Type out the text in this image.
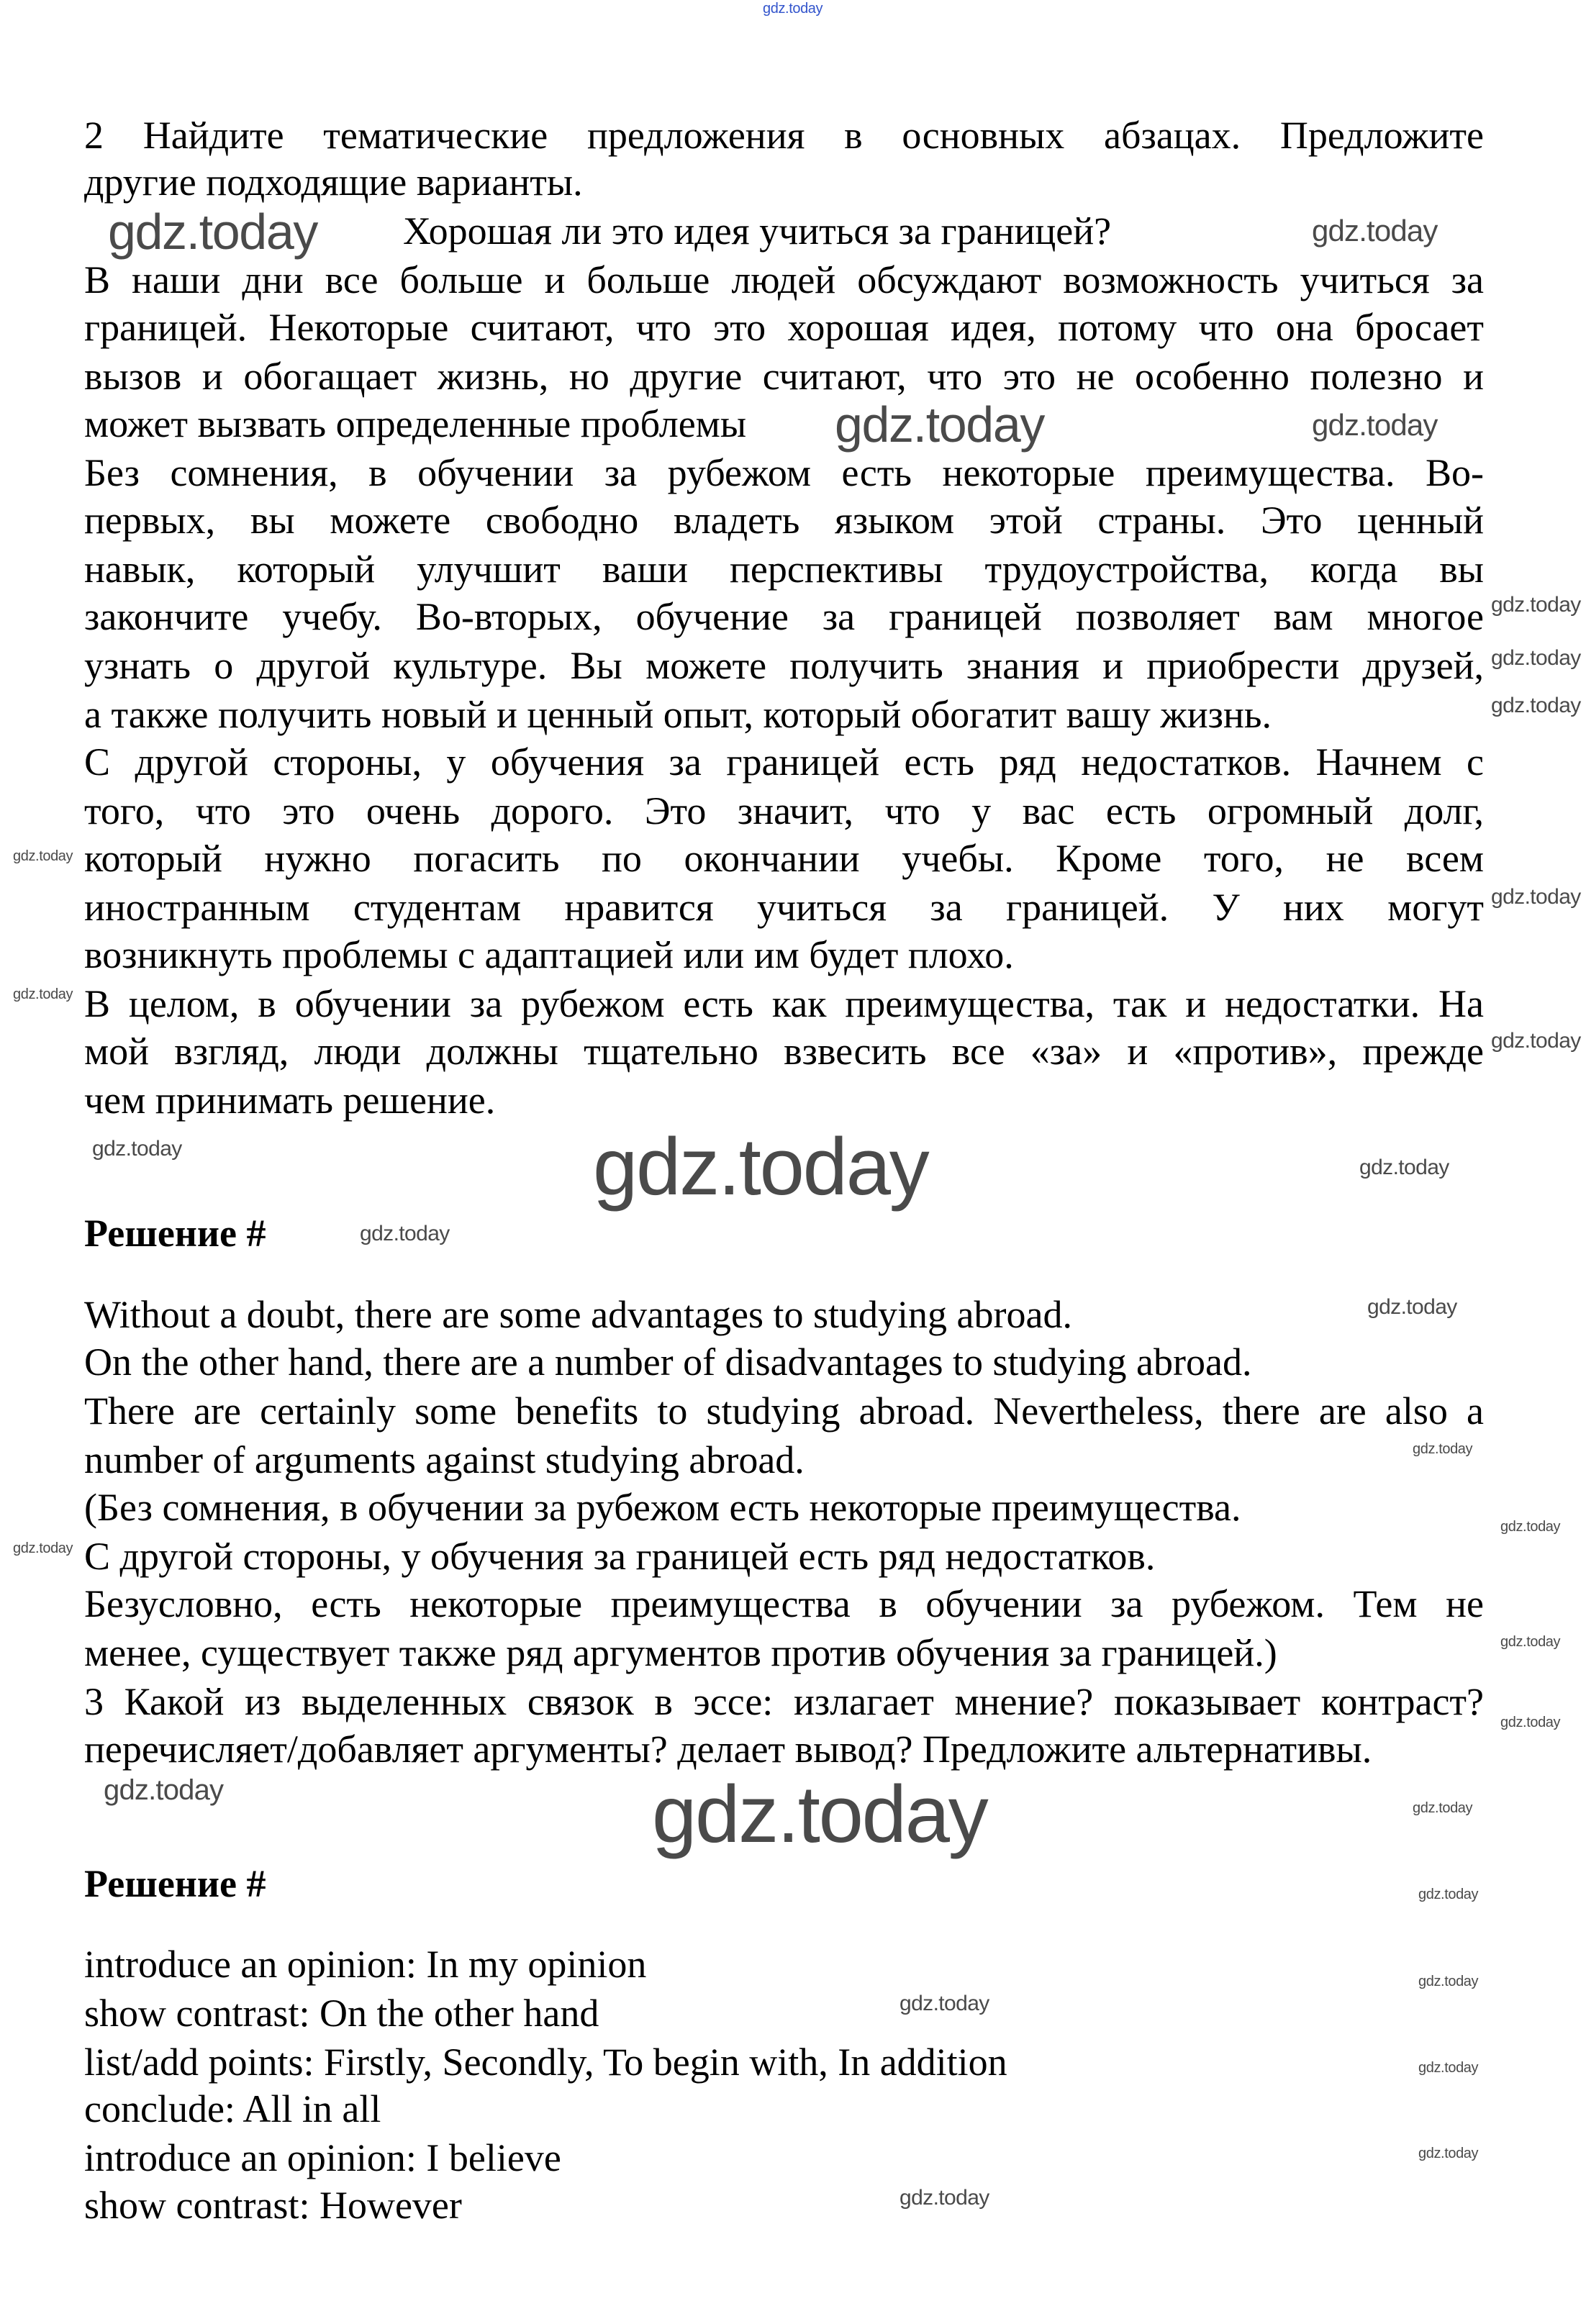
2 Найдите тематические предложения в основных абзацах. Предложите
другие подходящие варианты.
Хорошая ли это идея учиться за границей?
В наши дни все больше и больше людей обсуждают возможность учиться за
границей. Некоторые считают, что это хорошая идея, потому что она бросает
вызов и обогащает жизнь, но другие считают, что это не особенно полезно и
может вызвать определенные проблемы
Без сомнения, в обучении за рубежом есть некоторые преимущества. Во-
первых, вы можете свободно владеть языком этой страны. Это ценный
навык, который улучшит ваши перспективы трудоустройства, когда вы
закончите учебу. Во-вторых, обучение за границей позволяет вам многое
узнать о другой культуре. Вы можете получить знания и приобрести друзей,
а также получить новый и ценный опыт, который обогатит вашу жизнь.
С другой стороны, у обучения за границей есть ряд недостатков. Начнем с
того, что это очень дорого. Это значит, что у вас есть огромный долг,
который нужно погасить по окончании учебы. Кроме того, не всем
иностранным студентам нравится учиться за границей. У них могут
возникнуть проблемы с адаптацией или им будет плохо.
В целом, в обучении за рубежом есть как преимущества, так и недостатки. На
мой взгляд, люди должны тщательно взвесить все «за» и «против», прежде
чем принимать решение.
Решение #
Without a doubt, there are some advantages to studying abroad.
On the other hand, there are a number of disadvantages to studying abroad.
There are certainly some benefits to studying abroad. Nevertheless, there are also a
number of arguments against studying abroad.
(Без сомнения, в обучении за рубежом есть некоторые преимущества.
С другой стороны, у обучения за границей есть ряд недостатков.
Безусловно, есть некоторые преимущества в обучении за рубежом. Тем не
менее, существует также ряд аргументов против обучения за границей.)
3 Какой из выделенных связок в эссе: излагает мнение? показывает контраст?
перечисляет/добавляет аргументы? делает вывод? Предложите альтернативы.
Решение #
introduce an opinion: In my opinion
show contrast: On the other hand
list/add points: Firstly, Secondly, To begin with, In addition
conclude: All in all
introduce an opinion: I believe
show contrast: However
gdz.today
gdz.today	gdz.today
gdz.today	gdz.today
gdz.today
gdz.today
gdz.today
gdz.today
gdz.today
gdz.today
gdz.today
gdz.today	gdz.today	gdz.today
gdz.today
gdz.today
gdz.today
gdz.today
gdz.today
gdz.today
gdz.today
gdz.today	gdz.today	gdz.today
gdz.today
gdz.today
gdz.today
gdz.today
gdz.today
gdz.today
